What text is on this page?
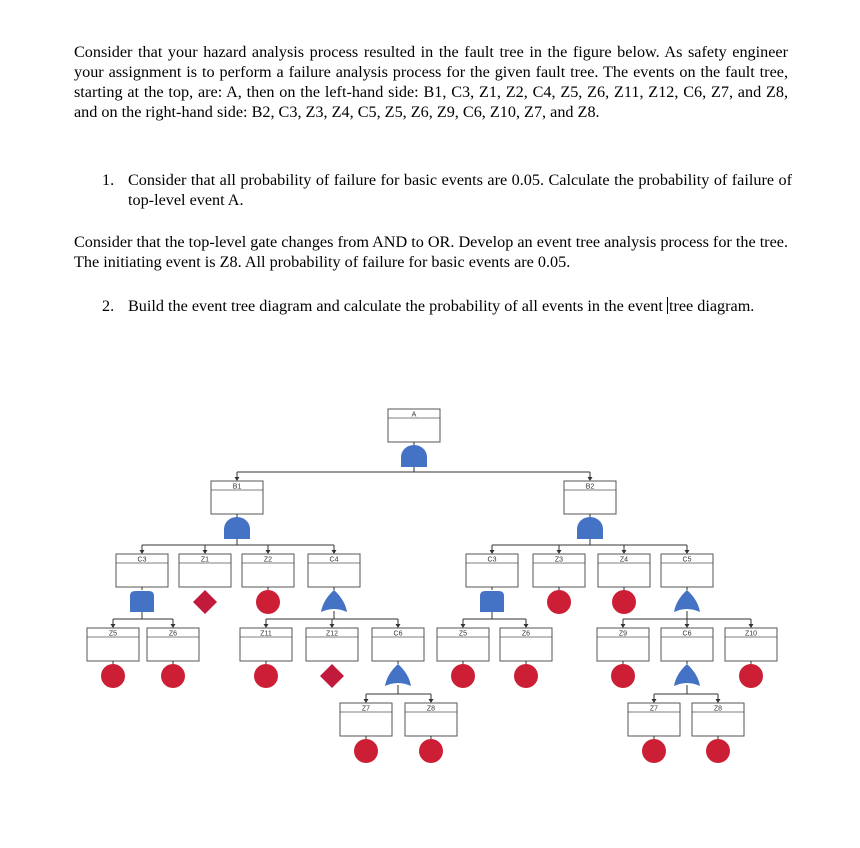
Consider that your hazard analysis process resulted in the fault tree in the figure below. As safety engineer your assignment is to perform a failure analysis process for the given fault tree. The events on the fault tree, starting at the top, are: A, then on the left-hand side: B1, C3, Z1, Z2, C4, Z5, Z6, Z11, Z12, C6, Z7, and Z8, and on the right-hand side: B2, C3, Z3, Z4, C5, Z5, Z6, Z9, C6, Z10, Z7, and Z8.
1. Consider that all probability of failure for basic events are 0.05. Calculate the probability of failure of top-level event A.
Consider that the top-level gate changes from AND to OR. Develop an event tree analysis process for the tree. The initiating event is Z8. All probability of failure for basic events are 0.05.
2. Build the event tree diagram and calculate the probability of all events in the event tree diagram.
A
B1	B2
C3	Z1	Z2	C4
Z5	Z6	Z11	Z12	C6
Z7	Z8
C3	Z3	Z4	C5
Z5	Z6	Z9	C6	Z10
Z7	Z8
